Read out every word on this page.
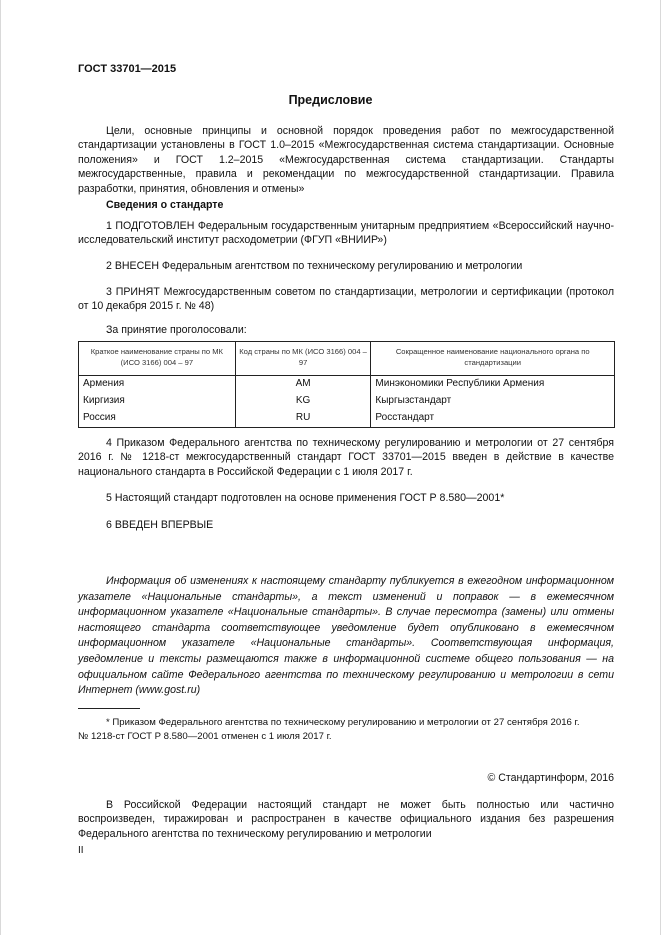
ГОСТ 33701—2015
Предисловие
Цели, основные принципы и основной порядок проведения работ по межгосударственной стандартизации установлены в ГОСТ 1.0–2015 «Межгосударственная система стандартизации. Основные положения» и ГОСТ 1.2–2015 «Межгосударственная система стандартизации. Стандарты межгосударственные, правила и рекомендации по межгосударственной стандартизации. Правила разработки, принятия, обновления и отмены»
Сведения о стандарте
1 ПОДГОТОВЛЕН Федеральным государственным унитарным предприятием «Всероссийский научно-исследовательский институт расходометрии (ФГУП «ВНИИР»)
2 ВНЕСЕН Федеральным агентством по техническому регулированию и метрологии
3 ПРИНЯТ Межгосударственным советом по стандартизации, метрологии и сертификации (протокол от 10 декабря 2015 г. № 48)
За принятие проголосовали:
Краткое наименование страны по МК (ИСО 3166) 004 – 97	Код страны по МК (ИСО 3166) 004 – 97	Сокращенное наименование национального органа по стандартизации
Армения	AM	Минэкономики Республики Армения
Киргизия	KG	Кыргызстандарт
Россия	RU	Росстандарт
4 Приказом Федерального агентства по техническому регулированию и метрологии от 27 сентября 2016 г. № 1218-ст межгосударственный стандарт ГОСТ 33701—2015 введен в действие в качестве национального стандарта в Российской Федерации с 1 июля 2017 г.
5 Настоящий стандарт подготовлен на основе применения ГОСТ Р 8.580—2001*
6 ВВЕДЕН ВПЕРВЫЕ
Информация об изменениях к настоящему стандарту публикуется в ежегодном информационном указателе «Национальные стандарты», а текст изменений и поправок — в ежемесячном информационном указателе «Национальные стандарты». В случае пересмотра (замены) или отмены настоящего стандарта соответствующее уведомление будет опубликовано в ежемесячном информационном указателе «Национальные стандарты». Соответствующая информация, уведомление и тексты размещаются также в информационной системе общего пользования — на официальном сайте Федерального агентства по техническому регулированию и метрологии в сети Интернет (www.gost.ru)
* Приказом Федерального агентства по техническому регулированию и метрологии от 27 сентября 2016 г.
№ 1218-ст ГОСТ Р 8.580—2001 отменен с 1 июля 2017 г.
© Стандартинформ, 2016
В Российской Федерации настоящий стандарт не может быть полностью или частично воспроизведен, тиражирован и распространен в качестве официального издания без разрешения Федерального агентства по техническому регулированию и метрологии
II
